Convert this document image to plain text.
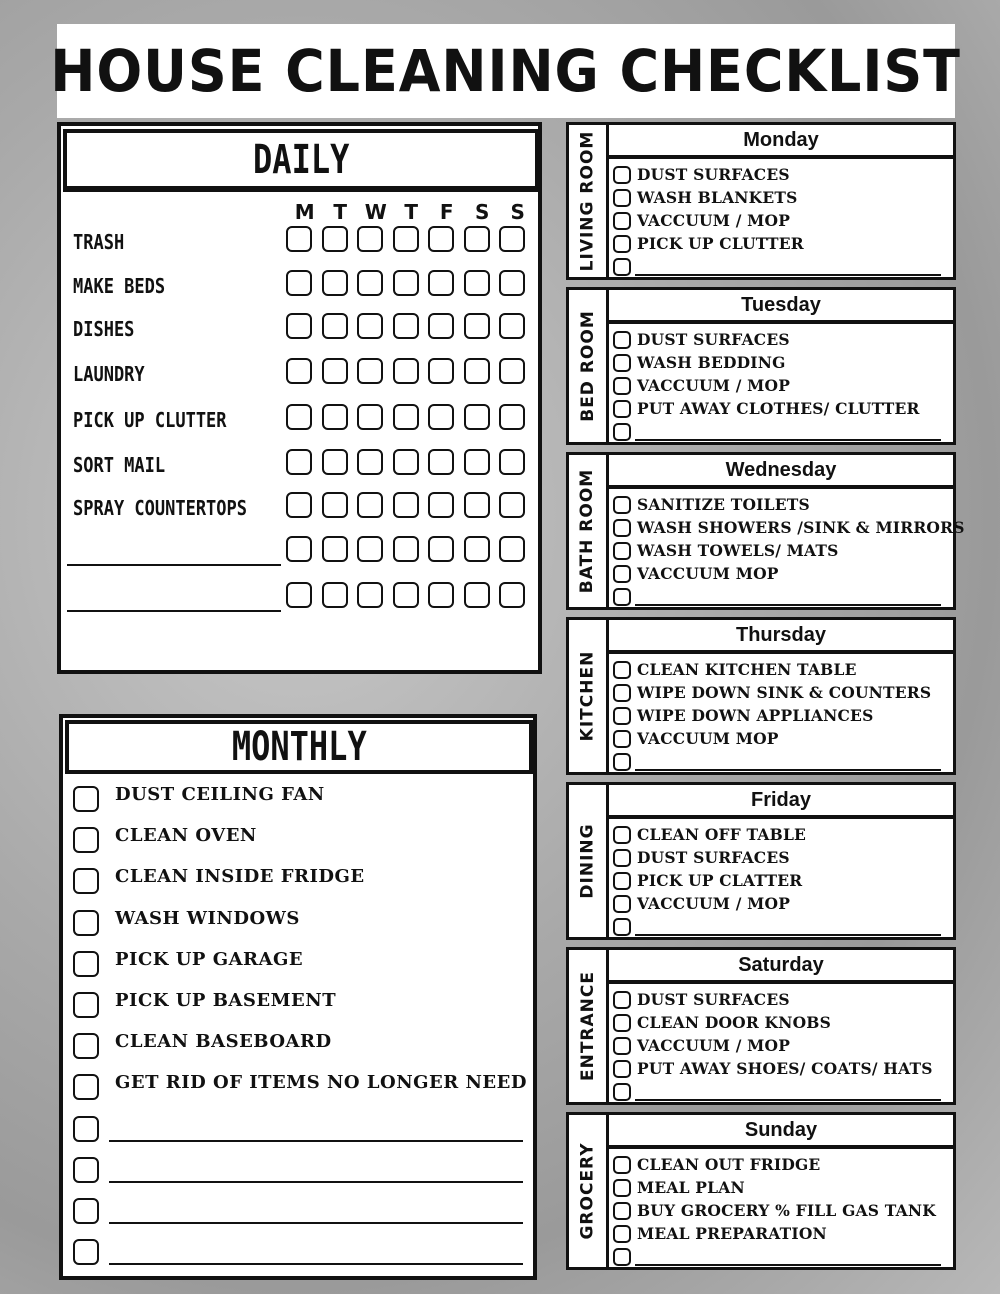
HOUSE CLEANING CHECKLIST
DAILY
M T W T	F	S	S
TRASH
MAKE BEDS
DISHES
LAUNDRY
PICK UP CLUTTER
SORT MAIL
SPRAY COUNTERTOPS
MONTHLY
DUST CEILING FAN
CLEAN OVEN
CLEAN INSIDE FRIDGE
WASH WINDOWS
PICK UP GARAGE
PICK UP BASEMENT
CLEAN BASEBOARD
GET RID OF ITEMS NO LONGER NEED
LIVING ROOM	Monday
DUST SURFACES
WASH BLANKETS
VACCUUM / MOP
PICK UP CLUTTER
BED ROOM
Tuesday
DUST SURFACES
WASH BEDDING
VACCUUM / MOP
PUT AWAY CLOTHES/ CLUTTER
BATH ROOM	Wednesday
SANITIZE TOILETS
WASH SHOWERS /SINK & MIRRORS
WASH TOWELS/ MATS
VACCUUM MOP
KITCHEN
Thursday
CLEAN KITCHEN TABLE
WIPE DOWN SINK & COUNTERS
WIPE DOWN APPLIANCES
VACCUUM MOP
DINING
Friday
CLEAN OFF TABLE
DUST SURFACES
PICK UP CLATTER
VACCUUM / MOP
ENTRANCE
Saturday
DUST SURFACES
CLEAN DOOR KNOBS
VACCUUM / MOP
PUT AWAY SHOES/ COATS/ HATS
GROCERY
Sunday
CLEAN OUT FRIDGE
MEAL PLAN
BUY GROCERY % FILL GAS TANK
MEAL PREPARATION
